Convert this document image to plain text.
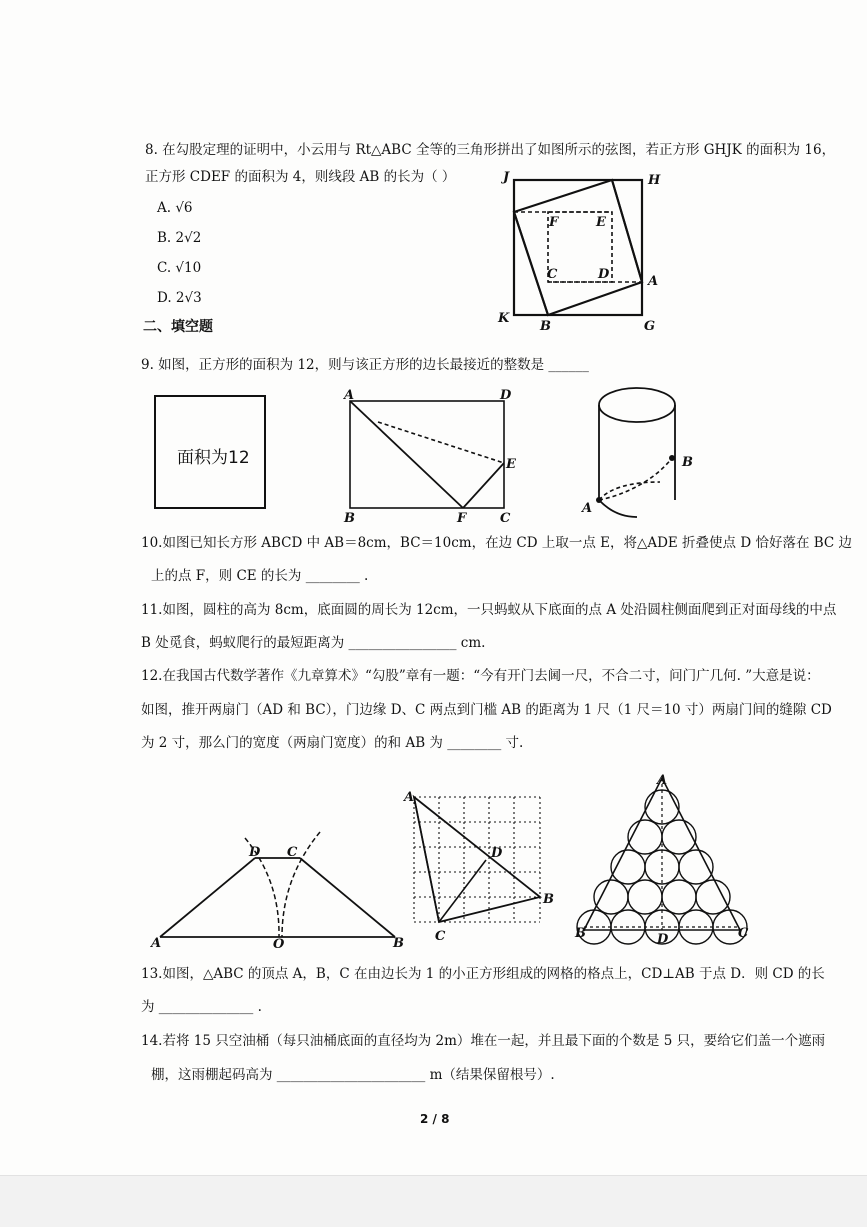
8. 在勾股定理的证明中，小云用与 Rt△ABC 全等的三角形拼出了如图所示的弦图，若正方形 GHJK 的面积为 16，
正方形 CDEF 的面积为 4，则线段 AB 的长为（ ）
A. √6
B. 2√2
C. √10
D. 2√3
J	H
F	E
C	D	A
K
B	G
二、填空题
9. 如图，正方形的面积为 12，则与该正方形的边长最接近的整数是 ______
面积为12
A	D
E
B	F	C
B
A
10.如图已知长方形 ABCD 中 AB＝8cm，BC＝10cm，在边 CD 上取一点 E，将△ADE 折叠使点 D 恰好落在 BC 边
上的点 F，则 CE 的长为 ________ .
11.如图，圆柱的高为 8cm，底面圆的周长为 12cm，一只蚂蚁从下底面的点 A 处沿圆柱侧面爬到正对面母线的中点
B 处觅食，蚂蚁爬行的最短距离为 ________________ cm.
12.在我国古代数学著作《九章算术》“勾股”章有一题：“今有开门去阃一尺，不合二寸，问门广几何. ”大意是说：
如图，推开两扇门（AD 和 BC），门边缘 D、C 两点到门槛 AB 的距离为 1 尺（1 尺＝10 寸）两扇门间的缝隙 CD
为 2 寸，那么门的宽度（两扇门宽度）的和 AB 为 ________ 寸.
D C
A	O	B
A
D
B
C
A
B	D	C
13.如图，△ABC 的顶点 A，B，C 在由边长为 1 的小正方形组成的网格的格点上，CD⊥AB 于点 D．则 CD 的长
为 ______________ .
14.若将 15 只空油桶（每只油桶底面的直径均为 2m）堆在一起，并且最下面的个数是 5 只，要给它们盖一个遮雨
棚，这雨棚起码高为 ______________________ m（结果保留根号）.
2 / 8
